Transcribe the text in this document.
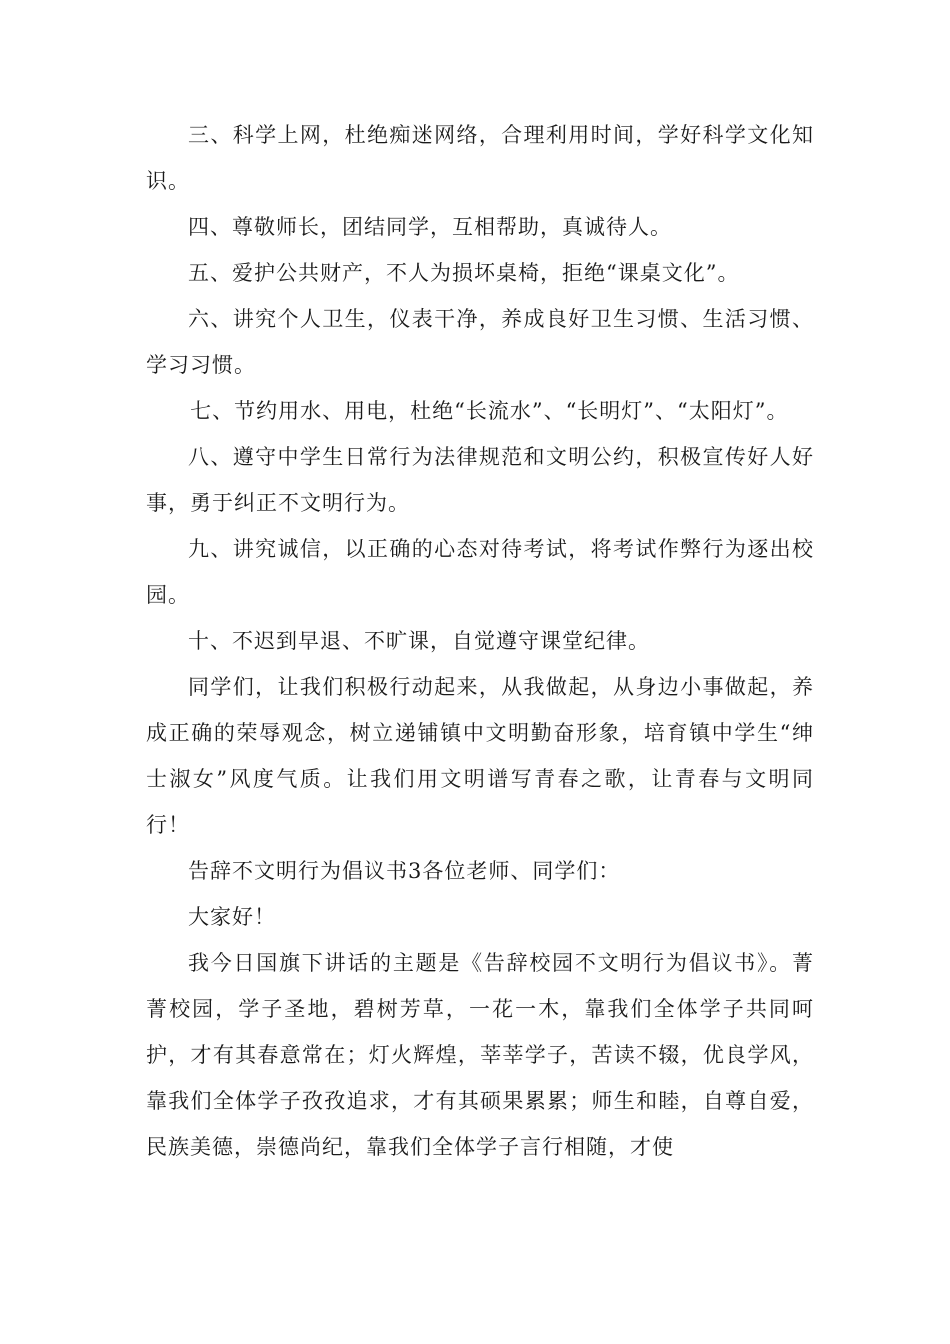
三、科学上网，杜绝痴迷网络，合理利用时间，学好科学文化知识。

四、尊敬师长，团结同学，互相帮助，真诚待人。

五、爱护公共财产，不人为损坏桌椅，拒绝“课桌文化”。

六、讲究个人卫生，仪表干净，养成良好卫生习惯、生活习惯、学习习惯。

七、节约用水、用电，杜绝“长流水”、“长明灯”、“太阳灯”。

八、遵守中学生日常行为法律规范和文明公约，积极宣传好人好事，勇于纠正不文明行为。

九、讲究诚信，以正确的心态对待考试，将考试作弊行为逐出校园。

十、不迟到早退、不旷课，自觉遵守课堂纪律。

同学们，让我们积极行动起来，从我做起，从身边小事做起，养成正确的荣辱观念，树立递铺镇中文明勤奋形象，培育镇中学生“绅士淑女”风度气质。让我们用文明谱写青春之歌，让青春与文明同行！

告辞不文明行为倡议书3各位老师、同学们：

大家好！

我今日国旗下讲话的主题是《告辞校园不文明行为倡议书》。菁菁校园，学子圣地，碧树芳草，一花一木，靠我们全体学子共同呵护，才有其春意常在；灯火辉煌，莘莘学子，苦读不辍，优良学风，靠我们全体学子孜孜追求，才有其硕果累累；师生和睦，自尊自爱，民族美德，崇德尚纪，靠我们全体学子言行相随，才使
